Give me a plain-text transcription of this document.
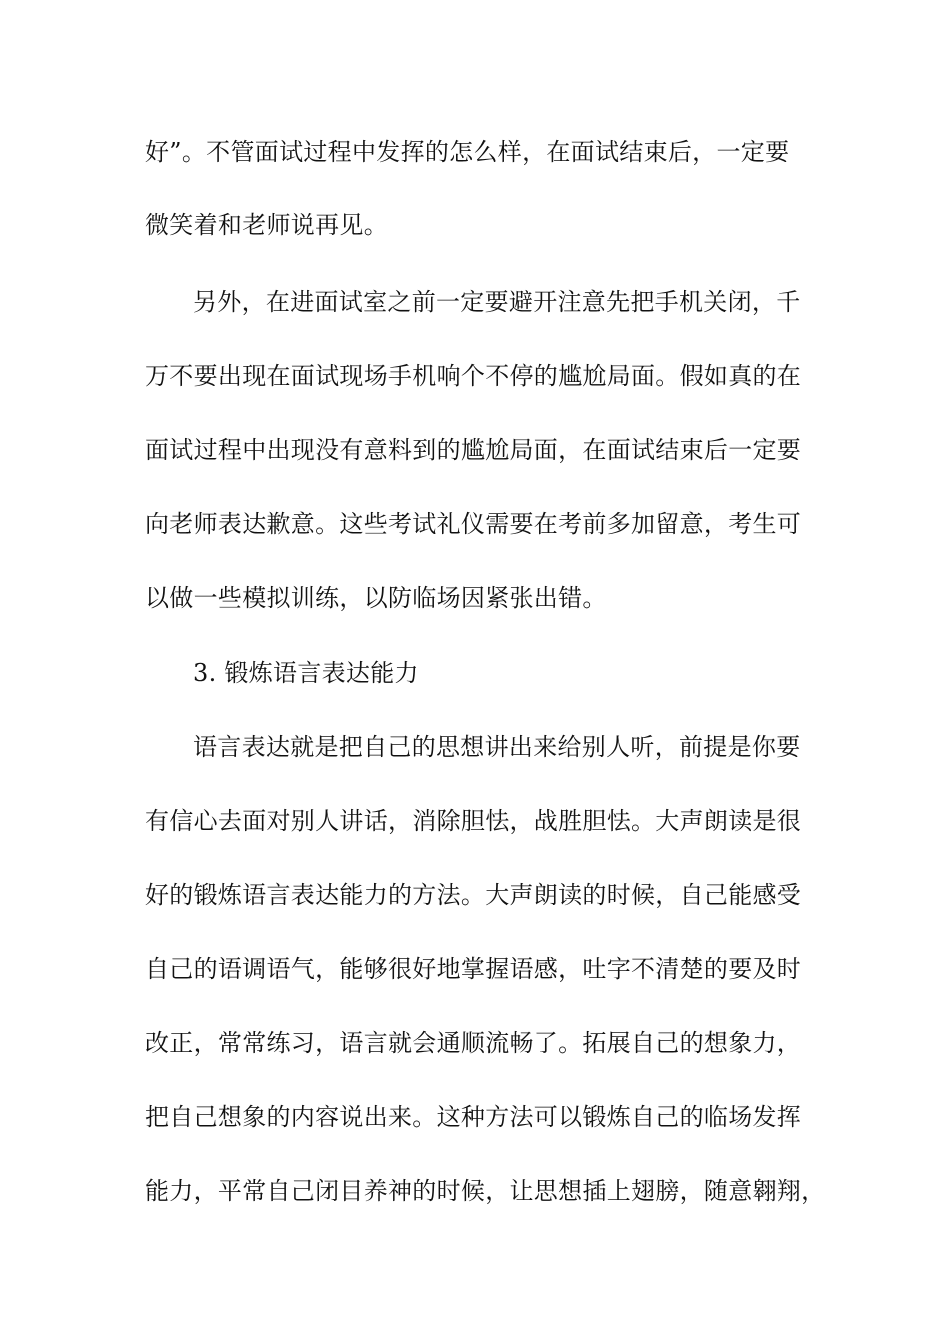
好”。不管面试过程中发挥的怎么样，在面试结束后，一定要
微笑着和老师说再见。
另外，在进面试室之前一定要避开注意先把手机关闭，千
万不要出现在面试现场手机响个不停的尴尬局面。假如真的在
面试过程中出现没有意料到的尴尬局面，在面试结束后一定要
向老师表达歉意。这些考试礼仪需要在考前多加留意，考生可
以做一些模拟训练，以防临场因紧张出错。
3. 锻炼语言表达能力
语言表达就是把自己的思想讲出来给别人听，前提是你要
有信心去面对别人讲话，消除胆怯，战胜胆怯。大声朗读是很
好的锻炼语言表达能力的方法。大声朗读的时候，自己能感受
自己的语调语气，能够很好地掌握语感，吐字不清楚的要及时
改正，常常练习，语言就会通顺流畅了。拓展自己的想象力，
把自己想象的内容说出来。这种方法可以锻炼自己的临场发挥
能力，平常自己闭目养神的时候，让思想插上翅膀，随意翱翔，
